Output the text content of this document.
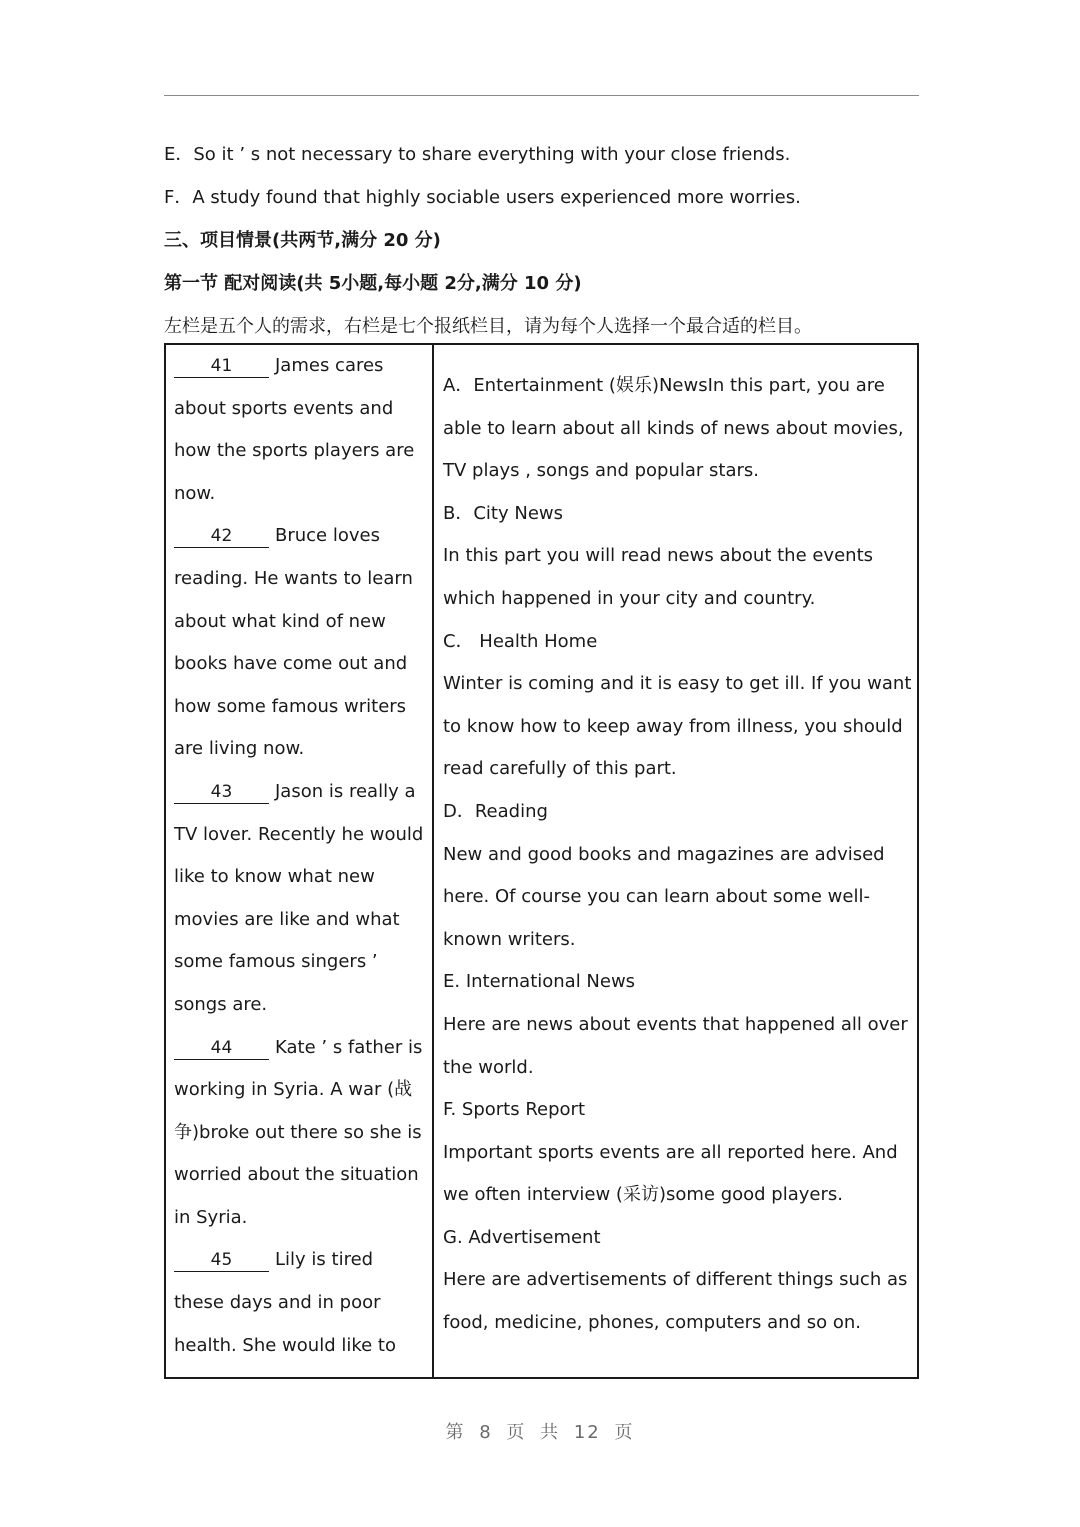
E．So it ’ s not necessary to share everything with your close friends.
F．A study found that highly sociable users experienced more worries.
三、项目情景(共两节,满分 20 分)
第一节 配对阅读(共 5小题,每小题 2分,满分 10 分)
左栏是五个人的需求，右栏是七个报纸栏目，请为每个人选择一个最合适的栏目。
41 James cares about sports events and how the sports players are now.
42 Bruce loves reading. He wants to learn about what kind of new books have come out and how some famous writers are living now.
43 Jason is really a TV lover. Recently he would like to know what new movies are like and what some famous singers ’ songs are.
44 Kate ’ s father is working in Syria. A war (战争)broke out there so she is worried about the situation in Syria.
45 Lily is tired these days and in poor health. She would like to
A．Entertainment (娱乐)NewsIn this part, you are able to learn about all kinds of news about movies, TV plays , songs and popular stars.
B．City News
In this part you will read news about the events which happened in your city and country.
C． Health Home
Winter is coming and it is easy to get ill. If you want to know how to keep away from illness, you should read carefully of this part.
D．Reading
New and good books and magazines are advised here. Of course you can learn about some well-known writers.
E. International News
Here are news about events that happened all over the world.
F. Sports Report
Important sports events are all reported here. And we often interview (采访)some good players.
G. Advertisement
Here are advertisements of different things such as food, medicine, phones, computers and so on.
第 8 页 共 12 页
